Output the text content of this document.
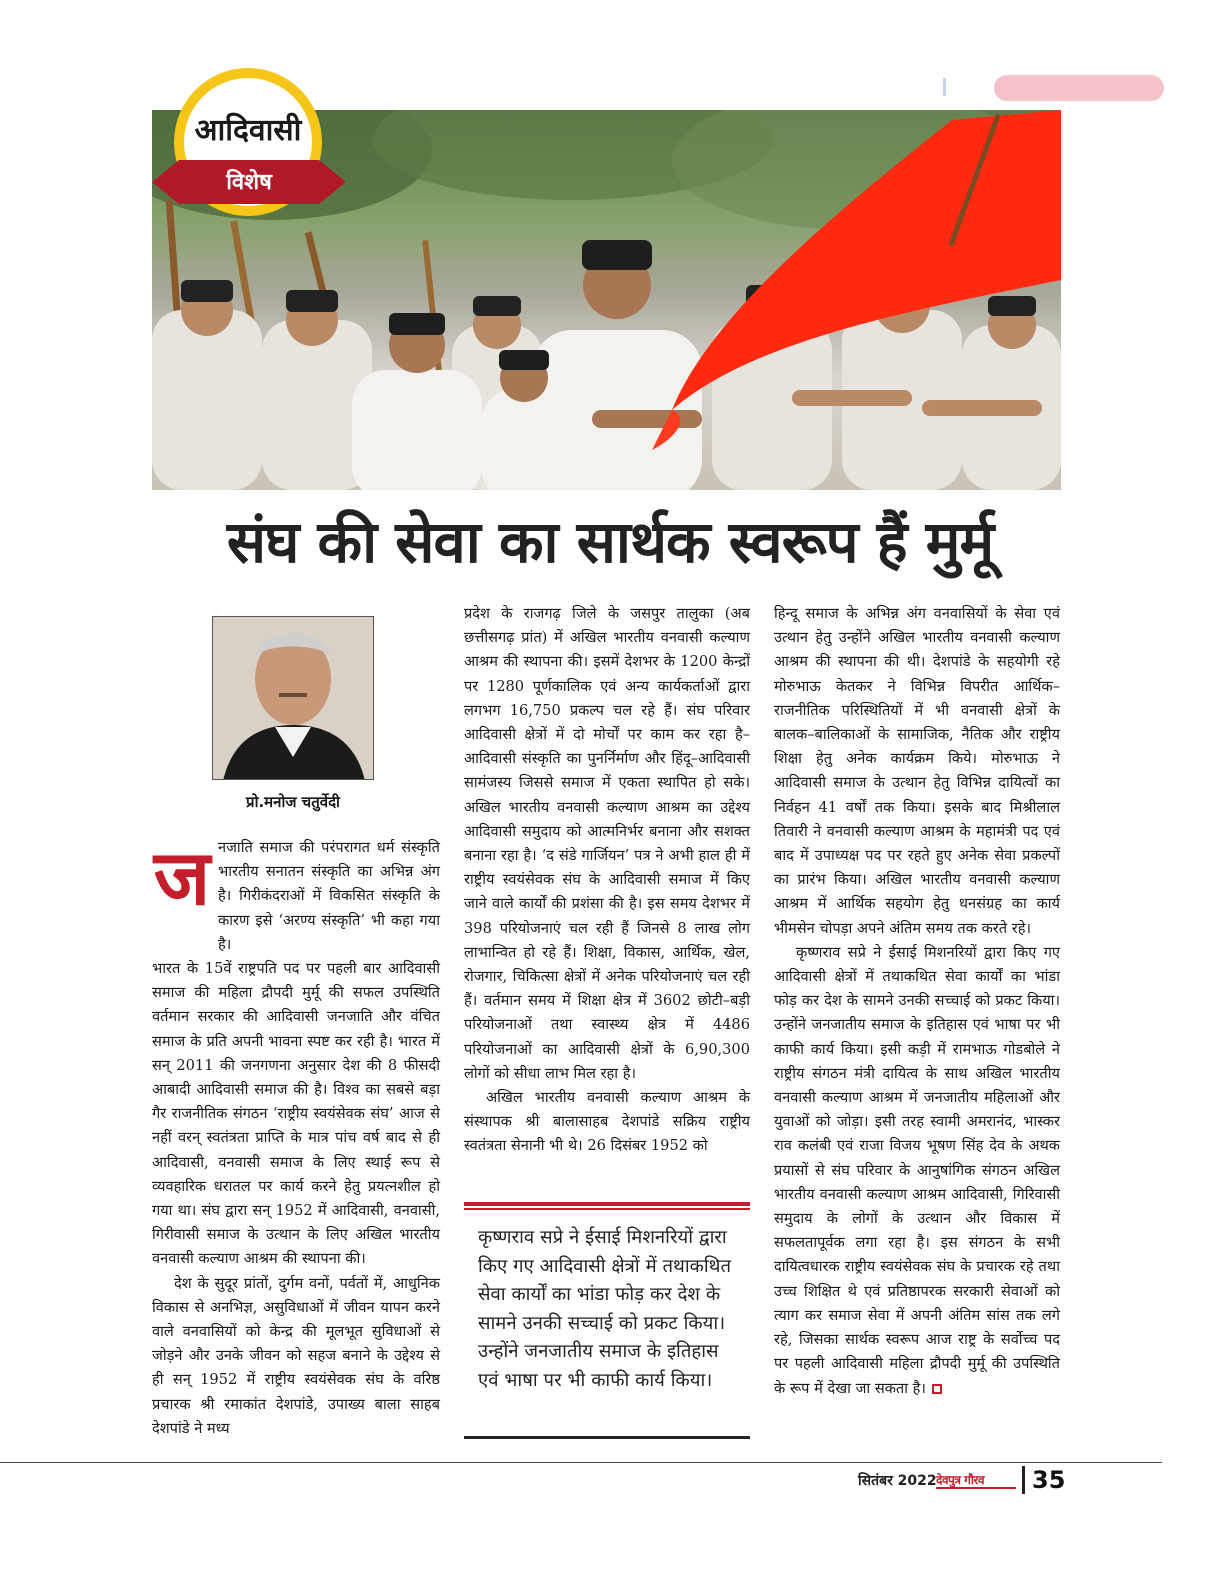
आदिवासी
विशेष
संघ की सेवा का सार्थक स्वरूप हैं मुर्मू
प्रो.मनोज चतुर्वेदी
ज नजाति समाज की परंपरागत धर्म संस्कृति भारतीय सनातन संस्कृति का अभिन्न अंग है। गिरीकंदराओं में विकसित संस्कृति के कारण इसे ‘अरण्य संस्कृति’ भी कहा गया है।

भारत के 15वें राष्ट्रपति पद पर पहली बार आदिवासी समाज की महिला द्रौपदी मुर्मू की सफल उपस्थिति वर्तमान सरकार की आदिवासी जनजाति और वंचित समाज के प्रति अपनी भावना स्पष्ट कर रही है। भारत में सन् 2011 की जनगणना अनुसार देश की 8 फीसदी आबादी आदिवासी समाज की है। विश्व का सबसे बड़ा गैर राजनीतिक संगठन ‘राष्ट्रीय स्वयंसेवक संघ’ आज से नहीं वरन् स्वतंत्रता प्राप्ति के मात्र पांच वर्ष बाद से ही आदिवासी, वनवासी समाज के लिए स्थाई रूप से व्यवहारिक धरातल पर कार्य करने हेतु प्रयत्नशील हो गया था। संघ द्वारा सन् 1952 में आदिवासी, वनवासी, गिरीवासी समाज के उत्थान के लिए अखिल भारतीय वनवासी कल्याण आश्रम की स्थापना की।

देश के सुदूर प्रांतों, दुर्गम वनों, पर्वतों में, आधुनिक विकास से अनभिज्ञ, असुविधाओं में जीवन यापन करने वाले वनवासियों को केन्द्र की मूलभूत सुविधाओं से जोड़ने और उनके जीवन को सहज बनाने के उद्देश्य से ही सन् 1952 में राष्ट्रीय स्वयंसेवक संघ के वरिष्ठ प्रचारक श्री रमाकांत देशपांडे, उपाख्य बाला साहब देशपांडे ने मध्य

प्रदेश के राजगढ़ जिले के जसपुर तालुका (अब छत्तीसगढ़ प्रांत) में अखिल भारतीय वनवासी कल्याण आश्रम की स्थापना की। इसमें देशभर के 1200 केन्द्रों पर 1280 पूर्णकालिक एवं अन्य कार्यकर्ताओं द्वारा लगभग 16,750 प्रकल्प चल रहे हैं। संघ परिवार आदिवासी क्षेत्रों में दो मोर्चों पर काम कर रहा है– आदिवासी संस्कृति का पुनर्निर्माण और हिंदू–आदिवासी सामंजस्य जिससे समाज में एकता स्थापित हो सके। अखिल भारतीय वनवासी कल्याण आश्रम का उद्देश्य आदिवासी समुदाय को आत्मनिर्भर बनाना और सशक्त बनाना रहा है। ‘द संडे गार्जियन’ पत्र ने अभी हाल ही में राष्ट्रीय स्वयंसेवक संघ के आदिवासी समाज में किए जाने वाले कार्यों की प्रशंसा की है। इस समय देशभर में 398 परियोजनाएं चल रही हैं जिनसे 8 लाख लोग लाभान्वित हो रहे हैं। शिक्षा, विकास, आर्थिक, खेल, रोजगार, चिकित्सा क्षेत्रों में अनेक परियोजनाएं चल रही हैं। वर्तमान समय में शिक्षा क्षेत्र में 3602 छोटी–बड़ी परियोजनाओं तथा स्वास्थ्य क्षेत्र में 4486 परियोजनाओं का आदिवासी क्षेत्रों के 6,90,300 लोगों को सीधा लाभ मिल रहा है।

अखिल भारतीय वनवासी कल्याण आश्रम के संस्थापक श्री बालासाहब देशपांडे सक्रिय राष्ट्रीय स्वतंत्रता सेनानी भी थे। 26 दिसंबर 1952 को

कृष्णराव सप्रे ने ईसाई मिशनरियों द्वारा किए गए आदिवासी क्षेत्रों में तथाकथित सेवा कार्यों का भांडा फोड़ कर देश के सामने उनकी सच्चाई को प्रकट किया। उन्होंने जनजातीय समाज के इतिहास एवं भाषा पर भी काफी कार्य किया।

हिन्दू समाज के अभिन्न अंग वनवासियों के सेवा एवं उत्थान हेतु उन्होंने अखिल भारतीय वनवासी कल्याण आश्रम की स्थापना की थी। देशपांडे के सहयोगी रहे मोरुभाऊ केतकर ने विभिन्न विपरीत आर्थिक–राजनीतिक परिस्थितियों में भी वनवासी क्षेत्रों के बालक–बालिकाओं के सामाजिक, नैतिक और राष्ट्रीय शिक्षा हेतु अनेक कार्यक्रम किये। मोरुभाऊ ने आदिवासी समाज के उत्थान हेतु विभिन्न दायित्वों का निर्वहन 41 वर्षों तक किया। इसके बाद मिश्रीलाल तिवारी ने वनवासी कल्याण आश्रम के महामंत्री पद एवं बाद में उपाध्यक्ष पद पर रहते हुए अनेक सेवा प्रकल्पों का प्रारंभ किया। अखिल भारतीय वनवासी कल्याण आश्रम में आर्थिक सहयोग हेतु धनसंग्रह का कार्य भीमसेन चोपड़ा अपने अंतिम समय तक करते रहे।

कृष्णराव सप्रे ने ईसाई मिशनरियों द्वारा किए गए आदिवासी क्षेत्रों में तथाकथित सेवा कार्यों का भांडा फोड़ कर देश के सामने उनकी सच्चाई को प्रकट किया। उन्होंने जनजातीय समाज के इतिहास एवं भाषा पर भी काफी कार्य किया। इसी कड़ी में रामभाऊ गोडबोले ने राष्ट्रीय संगठन मंत्री दायित्व के साथ अखिल भारतीय वनवासी कल्याण आश्रम में जनजातीय महिलाओं और युवाओं को जोड़ा। इसी तरह स्वामी अमरानंद, भास्कर राव कलंबी एवं राजा विजय भूषण सिंह देव के अथक प्रयासों से संघ परिवार के आनुषांगिक संगठन अखिल भारतीय वनवासी कल्याण आश्रम आदिवासी, गिरिवासी समुदाय के लोगों के उत्थान और विकास में सफलतापूर्वक लगा रहा है। इस संगठन के सभी दायित्वधारक राष्ट्रीय स्वयंसेवक संघ के प्रचारक रहे तथा उच्च शिक्षित थे एवं प्रतिष्ठापरक सरकारी सेवाओं को त्याग कर समाज सेवा में अपनी अंतिम सांस तक लगे रहे, जिसका सार्थक स्वरूप आज राष्ट्र के सर्वोच्च पद पर पहली आदिवासी महिला द्रौपदी मुर्मू की उपस्थिति के रूप में देखा जा सकता है।

सितंबर 2022 देवपुत्र गौरव	35
